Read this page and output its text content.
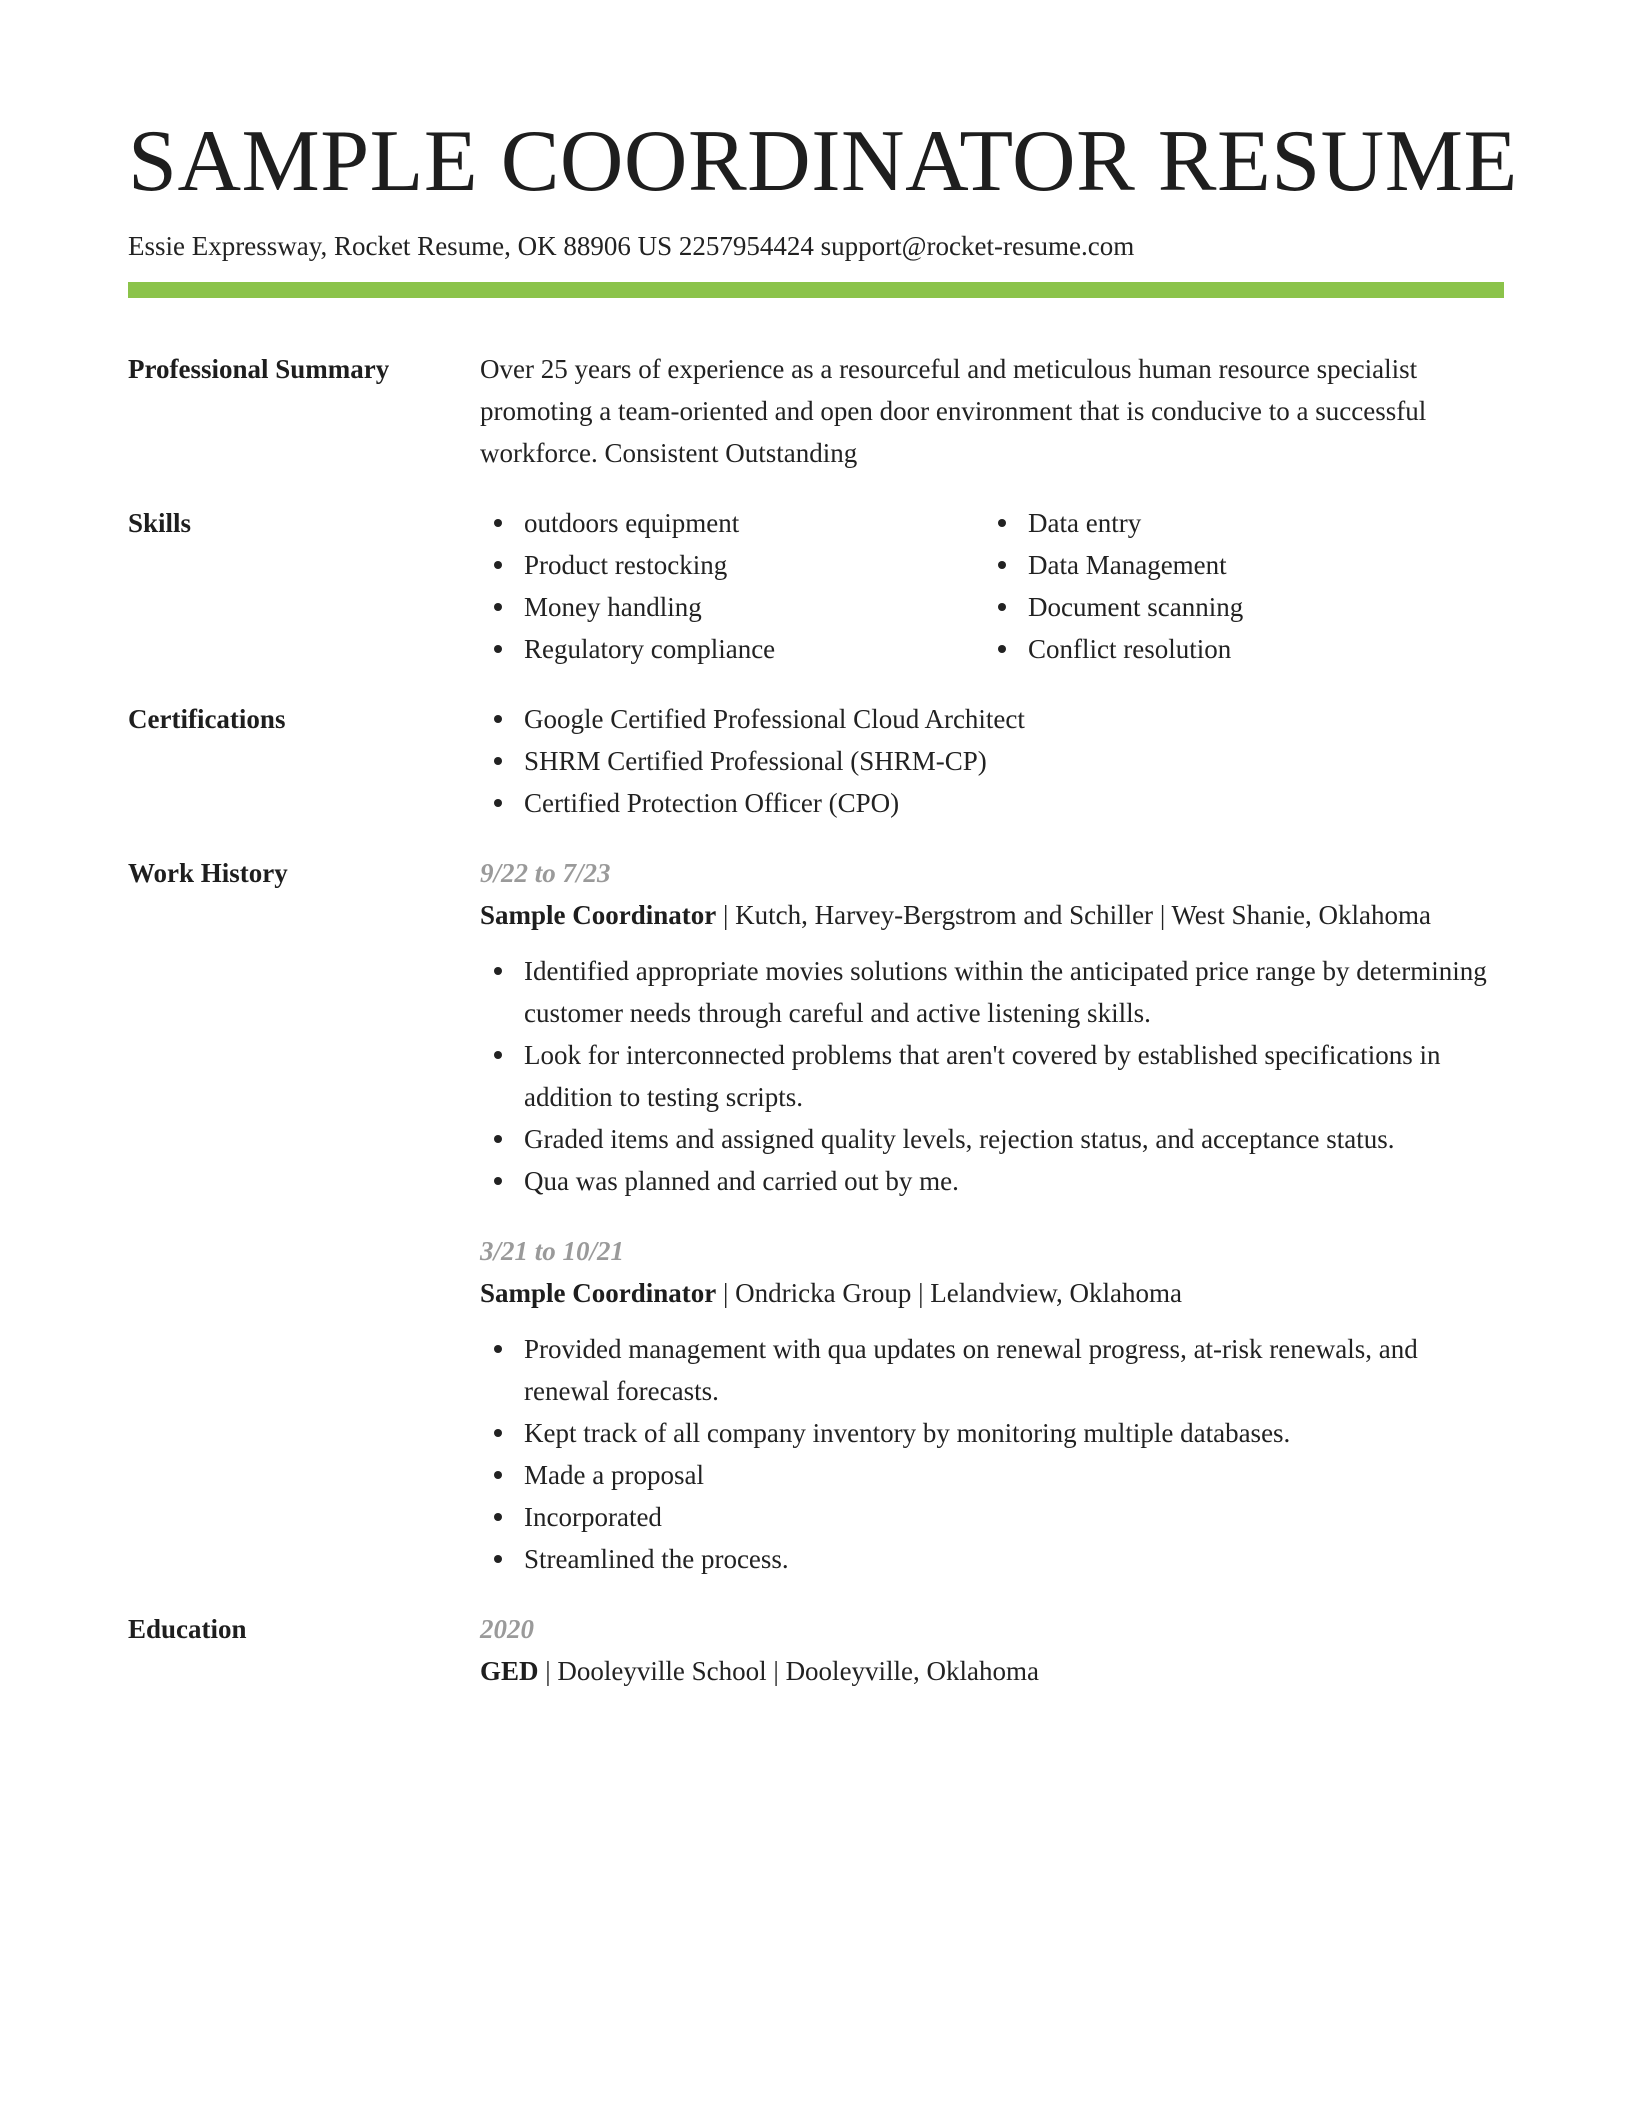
SAMPLE COORDINATOR RESUME
Essie Expressway, Rocket Resume, OK 88906 US 2257954424 support@rocket-resume.com
Professional Summary	Over 25 years of experience as a resourceful and meticulous human resource specialist promoting a team-oriented and open door environment that is conducive to a successful workforce. Consistent Outstanding

Skills	outdoors equipment
Product restocking
Money handling
Regulatory compliance
Data entry
Data Management
Document scanning
Conflict resolution
Certifications	Google Certified Professional Cloud Architect
SHRM Certified Professional (SHRM-CP)
Certified Protection Officer (CPO)
Work History	9/22 to 7/23
Sample Coordinator | Kutch, Harvey-Bergstrom and Schiller | West Shanie, Oklahoma
Identified appropriate movies solutions within the anticipated price range by determining customer needs through careful and active listening skills.
Look for interconnected problems that aren't covered by established specifications in addition to testing scripts.
Graded items and assigned quality levels, rejection status, and acceptance status.
Qua was planned and carried out by me.
3/21 to 10/21
Sample Coordinator | Ondricka Group | Lelandview, Oklahoma
Provided management with qua updates on renewal progress, at-risk renewals, and renewal forecasts.
Kept track of all company inventory by monitoring multiple databases.
Made a proposal
Incorporated
Streamlined the process.
Education	2020
GED | Dooleyville School | Dooleyville, Oklahoma
